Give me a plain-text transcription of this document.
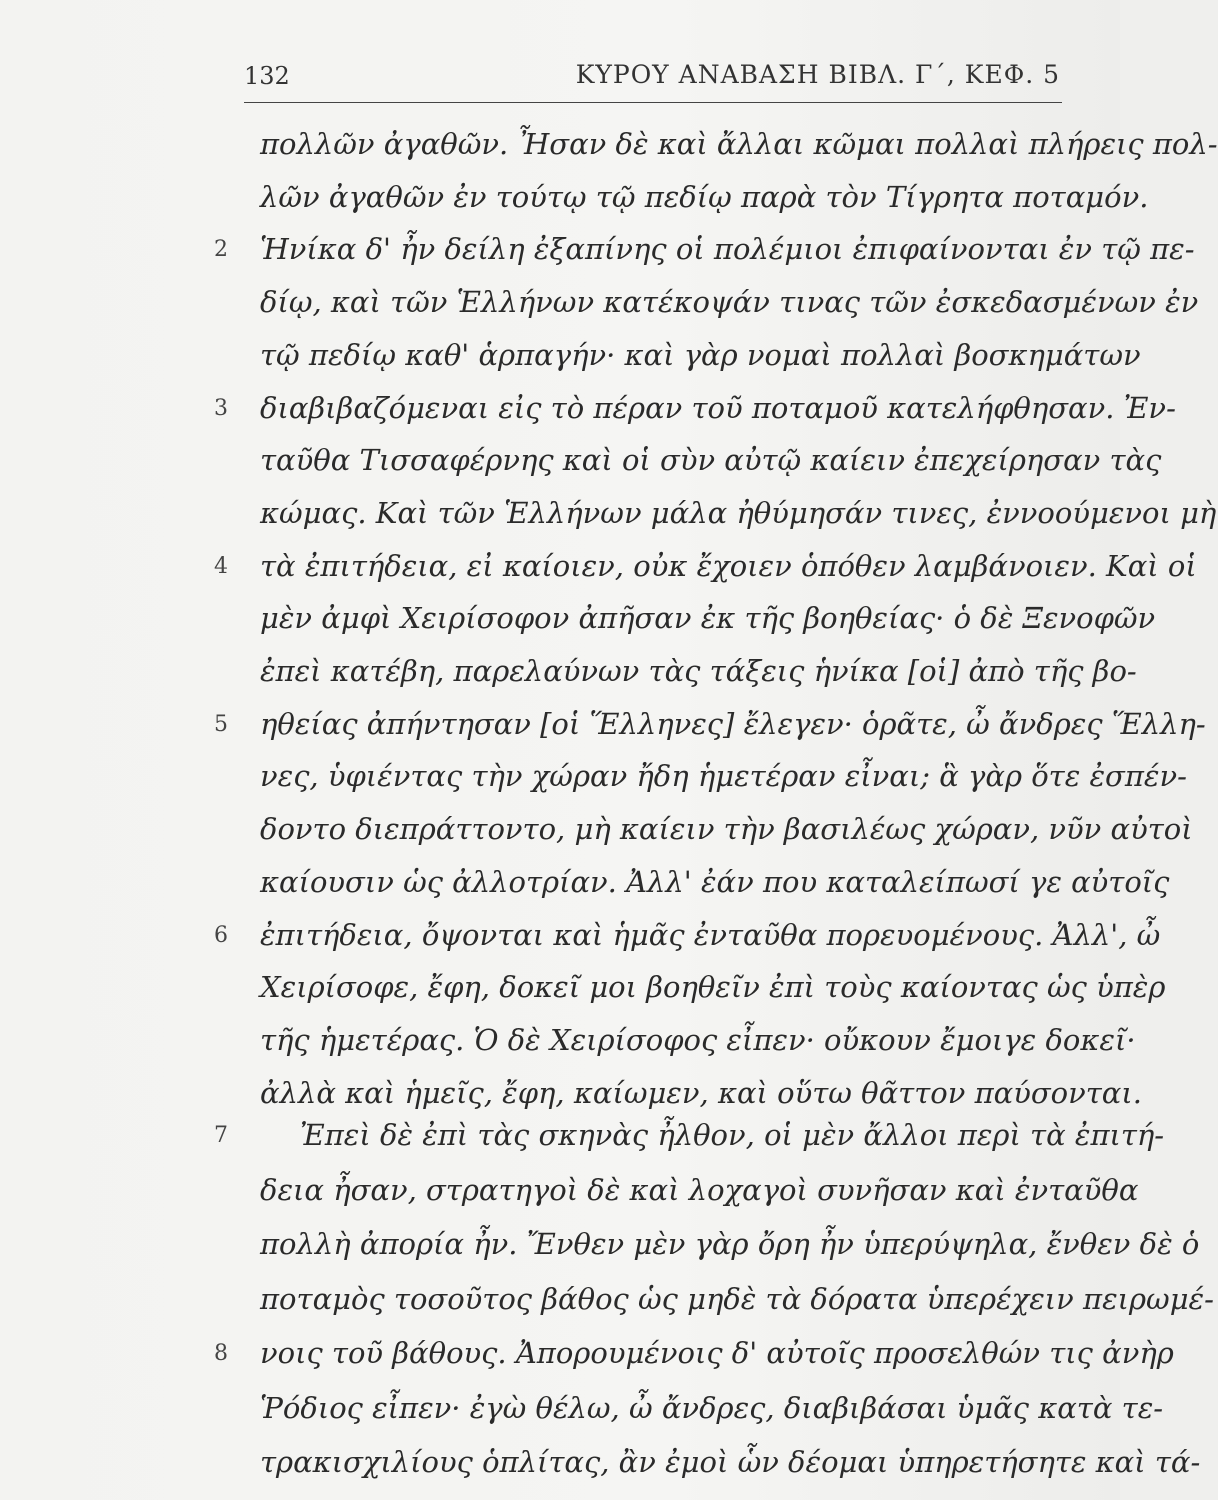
132	ΚΥΡΟΥ ΑΝΑΒΑΣΗ ΒΙΒΛ. Γ΄, ΚΕΦ. 5
πολλῶν ἀγαθῶν. Ἦσαν δὲ καὶ ἄλλαι κῶμαι πολλαὶ πλήρεις πολ-
λῶν ἀγαθῶν ἐν τούτῳ τῷ πεδίῳ παρὰ τὸν Τίγρητα ποταμόν.
Ἡνίκα δ' ἦν δείλη ἐξαπίνης οἱ πολέμιοι ἐπιφαίνονται ἐν τῷ πε-
δίῳ, καὶ τῶν Ἑλλήνων κατέκοψάν τινας τῶν ἐσκεδασμένων ἐν
τῷ πεδίῳ καθ' ἁρπαγήν· καὶ γὰρ νομαὶ πολλαὶ βοσκημάτων
διαβιβαζόμεναι εἰς τὸ πέραν τοῦ ποταμοῦ κατελήφθησαν. Ἐν-
ταῦθα Τισσαφέρνης καὶ οἱ σὺν αὐτῷ καίειν ἐπεχείρησαν τὰς
κώμας. Καὶ τῶν Ἑλλήνων μάλα ἠθύμησάν τινες, ἐννοούμενοι μὴ
τὰ ἐπιτήδεια, εἰ καίοιεν, οὐκ ἔχοιεν ὁπόθεν λαμβάνοιεν. Καὶ οἱ
μὲν ἀμφὶ Χειρίσοφον ἀπῆσαν ἐκ τῆς βοηθείας· ὁ δὲ Ξενοφῶν
ἐπεὶ κατέβη, παρελαύνων τὰς τάξεις ἡνίκα [οἱ] ἀπὸ τῆς βο-
ηθείας ἀπήντησαν [οἱ Ἕλληνες] ἔλεγεν· ὁρᾶτε, ὦ ἄνδρες Ἕλλη-
νες, ὑφιέντας τὴν χώραν ἤδη ἡμετέραν εἶναι; ἃ γὰρ ὅτε ἐσπέν-
δοντο διεπράττοντο, μὴ καίειν τὴν βασιλέως χώραν, νῦν αὐτοὶ
καίουσιν ὡς ἀλλοτρίαν. Ἀλλ' ἐάν που καταλείπωσί γε αὐτοῖς
ἐπιτήδεια, ὄψονται καὶ ἡμᾶς ἐνταῦθα πορευομένους. Ἀλλ', ὦ
Χειρίσοφε, ἔφη, δοκεῖ μοι βοηθεῖν ἐπὶ τοὺς καίοντας ὡς ὑπὲρ
τῆς ἡμετέρας. Ὁ δὲ Χειρίσοφος εἶπεν· οὔκουν ἔμοιγε δοκεῖ·
ἀλλὰ καὶ ἡμεῖς, ἔφη, καίωμεν, καὶ οὕτω θᾶττον παύσονται.
Ἐπεὶ δὲ ἐπὶ τὰς σκηνὰς ἦλθον, οἱ μὲν ἄλλοι περὶ τὰ ἐπιτή-
δεια ἦσαν, στρατηγοὶ δὲ καὶ λοχαγοὶ συνῆσαν καὶ ἐνταῦθα
πολλὴ ἀπορία ἦν. Ἔνθεν μὲν γὰρ ὄρη ἦν ὑπερύψηλα, ἔνθεν δὲ ὁ
ποταμὸς τοσοῦτος βάθος ὡς μηδὲ τὰ δόρατα ὑπερέχειν πειρωμέ-
νοις τοῦ βάθους. Ἀπορουμένοις δ' αὐτοῖς προσελθών τις ἀνὴρ
Ῥόδιος εἶπεν· ἐγὼ θέλω, ὦ ἄνδρες, διαβιβάσαι ὑμᾶς κατὰ τε-
τρακισχιλίους ὁπλίτας, ἂν ἐμοὶ ὧν δέομαι ὑπηρετήσητε καὶ τά-
2
3
4
5
6
7
8
